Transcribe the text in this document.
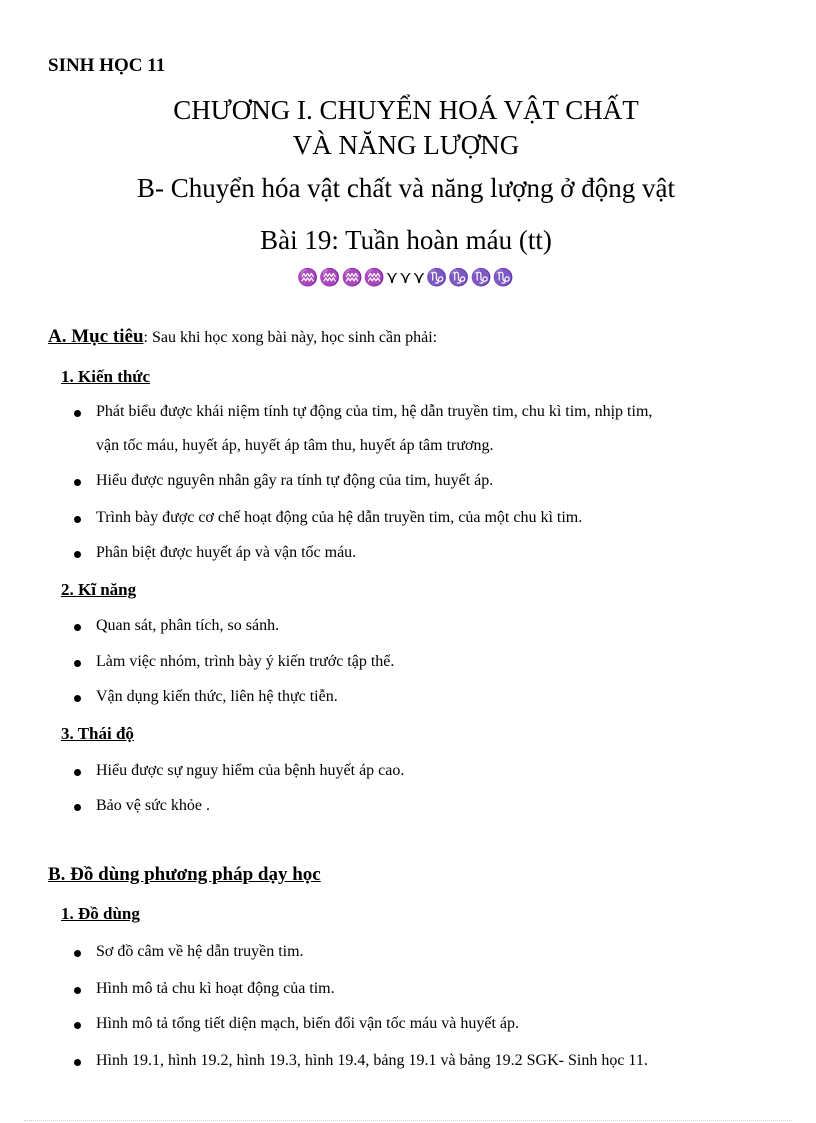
SINH HỌC 11
CHƯƠNG I. CHUYỂN HOÁ VẬT CHẤT
VÀ NĂNG LƯỢNG
B- Chuyển hóa vật chất và năng lượng ở động vật
Bài 19: Tuần hoàn máu (tt)
♒♒♒♒⋎⋎⋎♑♑♑♑
A. Mục tiêu: Sau khi học xong bài này, học sinh cần phải:
1. Kiến thức
Phát biểu được khái niệm tính tự động của tim, hệ dẫn truyền tim, chu kì tim, nhịp tim,
vận tốc máu, huyết áp, huyết áp tâm thu, huyết áp tâm trương.
Hiểu được nguyên nhân gây ra tính tự động của tim, huyết áp.
Trình bày được cơ chế hoạt động của hệ dẫn truyền tim, của một chu kì tim.
Phân biệt được huyết áp và vận tốc máu.
2. Kĩ năng
Quan sát, phân tích, so sánh.
Làm việc nhóm, trình bày ý kiến trước tập thể.
Vận dụng kiến thức, liên hệ thực tiễn.
3. Thái độ
Hiểu được sự nguy hiểm của bệnh huyết áp cao.
Bảo vệ sức khỏe .
B. Đồ dùng phương pháp dạy học
1. Đồ dùng
Sơ đồ câm về hệ dẫn truyền tim.
Hình mô tả chu kì hoạt động của tim.
Hình mô tả tổng tiết diện mạch, biến đổi vận tốc máu và huyết áp.
Hình 19.1, hình 19.2, hình 19.3, hình 19.4, bảng 19.1 và bảng 19.2 SGK- Sinh học 11.
